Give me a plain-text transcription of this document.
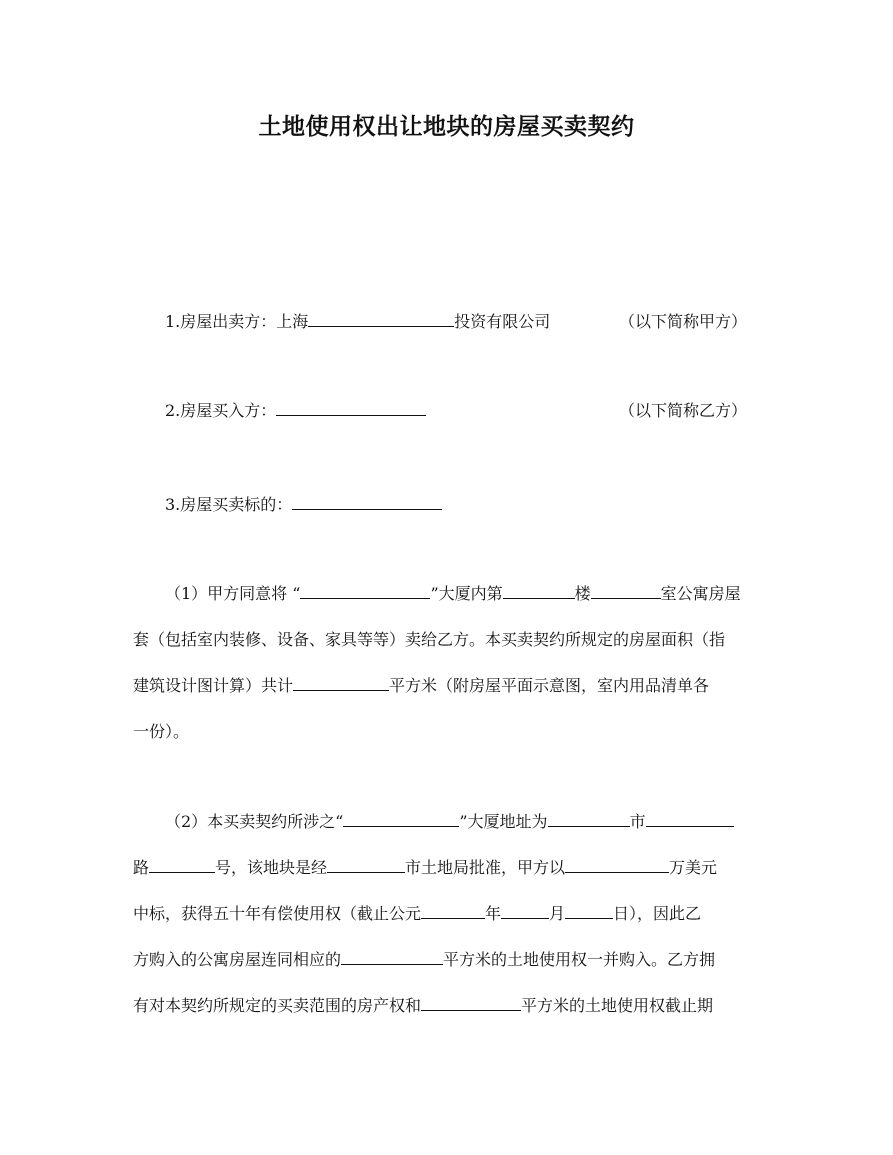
土地使用权出让地块的房屋买卖契约
1.房屋出卖方：上海	投资有限公司	（以下简称甲方）
2.房屋买入方：	（以下简称乙方）
3.房屋买卖标的：
（1）甲方同意将 “	”大厦内第	楼	室公寓房屋
套（包括室内装修、设备、家具等等）卖给乙方。本买卖契约所规定的房屋面积（指
建筑设计图计算）共计	平方米（附房屋平面示意图，室内用品清单各
一份）。
（2）本买卖契约所涉之“	”大厦地址为	市
路	号，该地块是经	市土地局批准，甲方以	万美元
中标，获得五十年有偿使用权（截止公元	年	月	日），因此乙
方购入的公寓房屋连同相应的	平方米的土地使用权一并购入。乙方拥
有对本契约所规定的买卖范围的房产权和	平方米的土地使用权截止期
